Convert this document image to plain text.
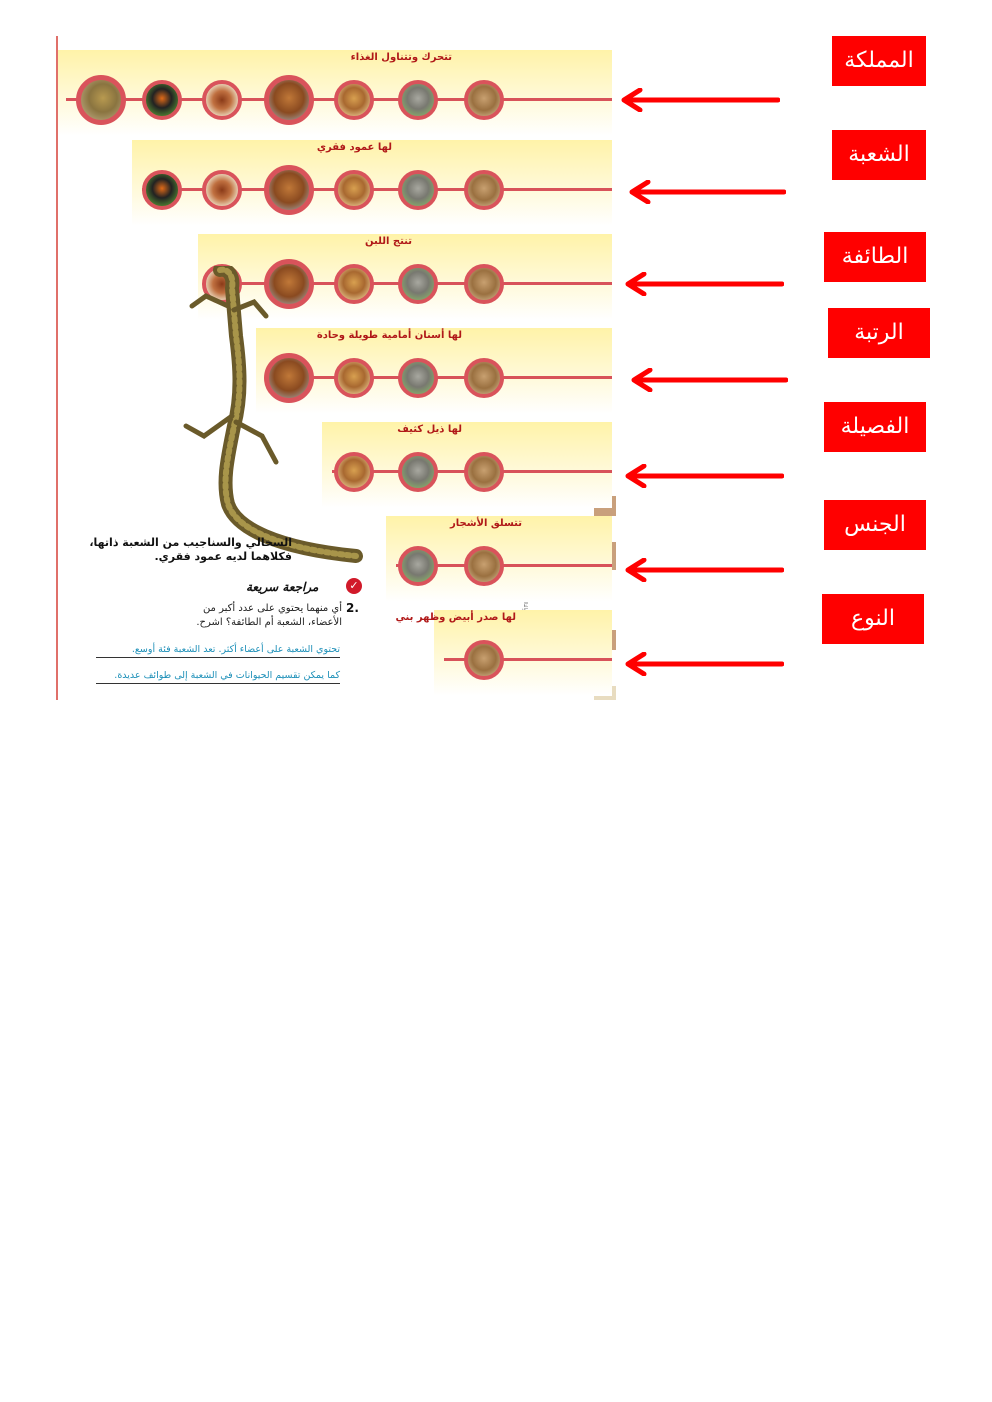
والتأليف
تتحرك وتتناول الغذاء
لها عمود فقري
تنتج اللبن
لها أسنان أمامية طويلة وحادة
لها ذيل كثيف
تتسلق الأشجار
لها صدر أبيض وظهر بني
السحالي والسناجيب من الشعبة ذاتها، فكلاهما لديه عمود فقري.
✓
مراجعة سريعة
2.
أي منهما يحتوي على عدد أكبر من الأعضاء، الشعبة أم الطائفة؟ اشرح.
تحتوي الشعبة على أعضاء أكثر. تعد الشعبة فئة أوسع.
كما يمكن تقسيم الحيوانات في الشعبة إلى طوائف عديدة.
المملكة
الشعبة
الطائفة
الرتبة
الفصيلة
الجنس
النوع
